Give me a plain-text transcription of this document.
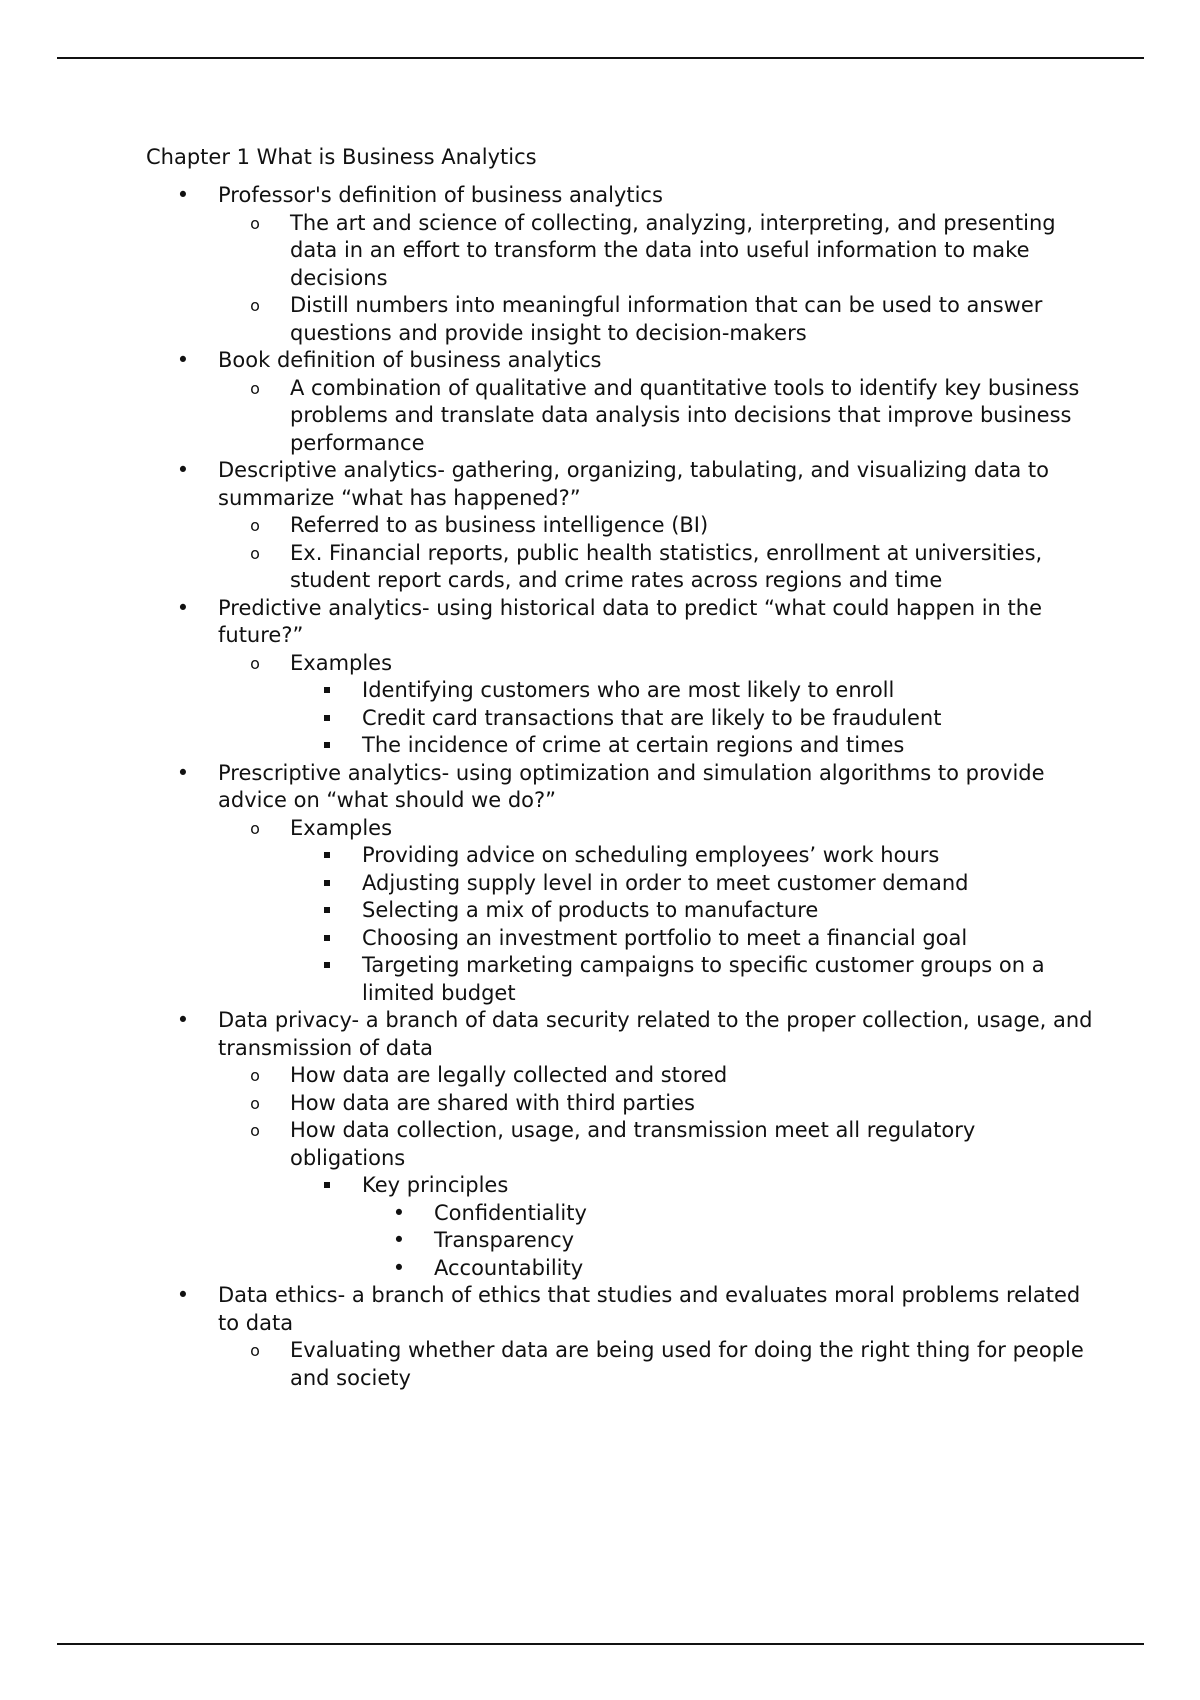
Chapter 1 What is Business Analytics
•	Professor's definition of business analytics
o	The art and science of collecting, analyzing, interpreting, and presenting data in an effort to transform the data into useful information to make decisions
o	Distill numbers into meaningful information that can be used to answer questions and provide insight to decision-makers
•	Book definition of business analytics
o	A combination of qualitative and quantitative tools to identify key business problems and translate data analysis into decisions that improve business performance
•	Descriptive analytics- gathering, organizing, tabulating, and visualizing data to summarize “what has happened?”
o	Referred to as business intelligence (BI)
o	Ex. Financial reports, public health statistics, enrollment at universities, student report cards, and crime rates across regions and time
•	Predictive analytics- using historical data to predict “what could happen in the future?”
o	Examples
Identifying customers who are most likely to enroll
Credit card transactions that are likely to be fraudulent
The incidence of crime at certain regions and times
•	Prescriptive analytics- using optimization and simulation algorithms to provide advice on “what should we do?”
o	Examples
Providing advice on scheduling employees’ work hours
Adjusting supply level in order to meet customer demand
Selecting a mix of products to manufacture
Choosing an investment portfolio to meet a financial goal
Targeting marketing campaigns to specific customer groups on a limited budget
•	Data privacy- a branch of data security related to the proper collection, usage, and transmission of data
o	How data are legally collected and stored
o	How data are shared with third parties
o	How data collection, usage, and transmission meet all regulatory obligations
Key principles
•	Confidentiality
•	Transparency
•	Accountability
•	Data ethics- a branch of ethics that studies and evaluates moral problems related to data
o	Evaluating whether data are being used for doing the right thing for people and society
